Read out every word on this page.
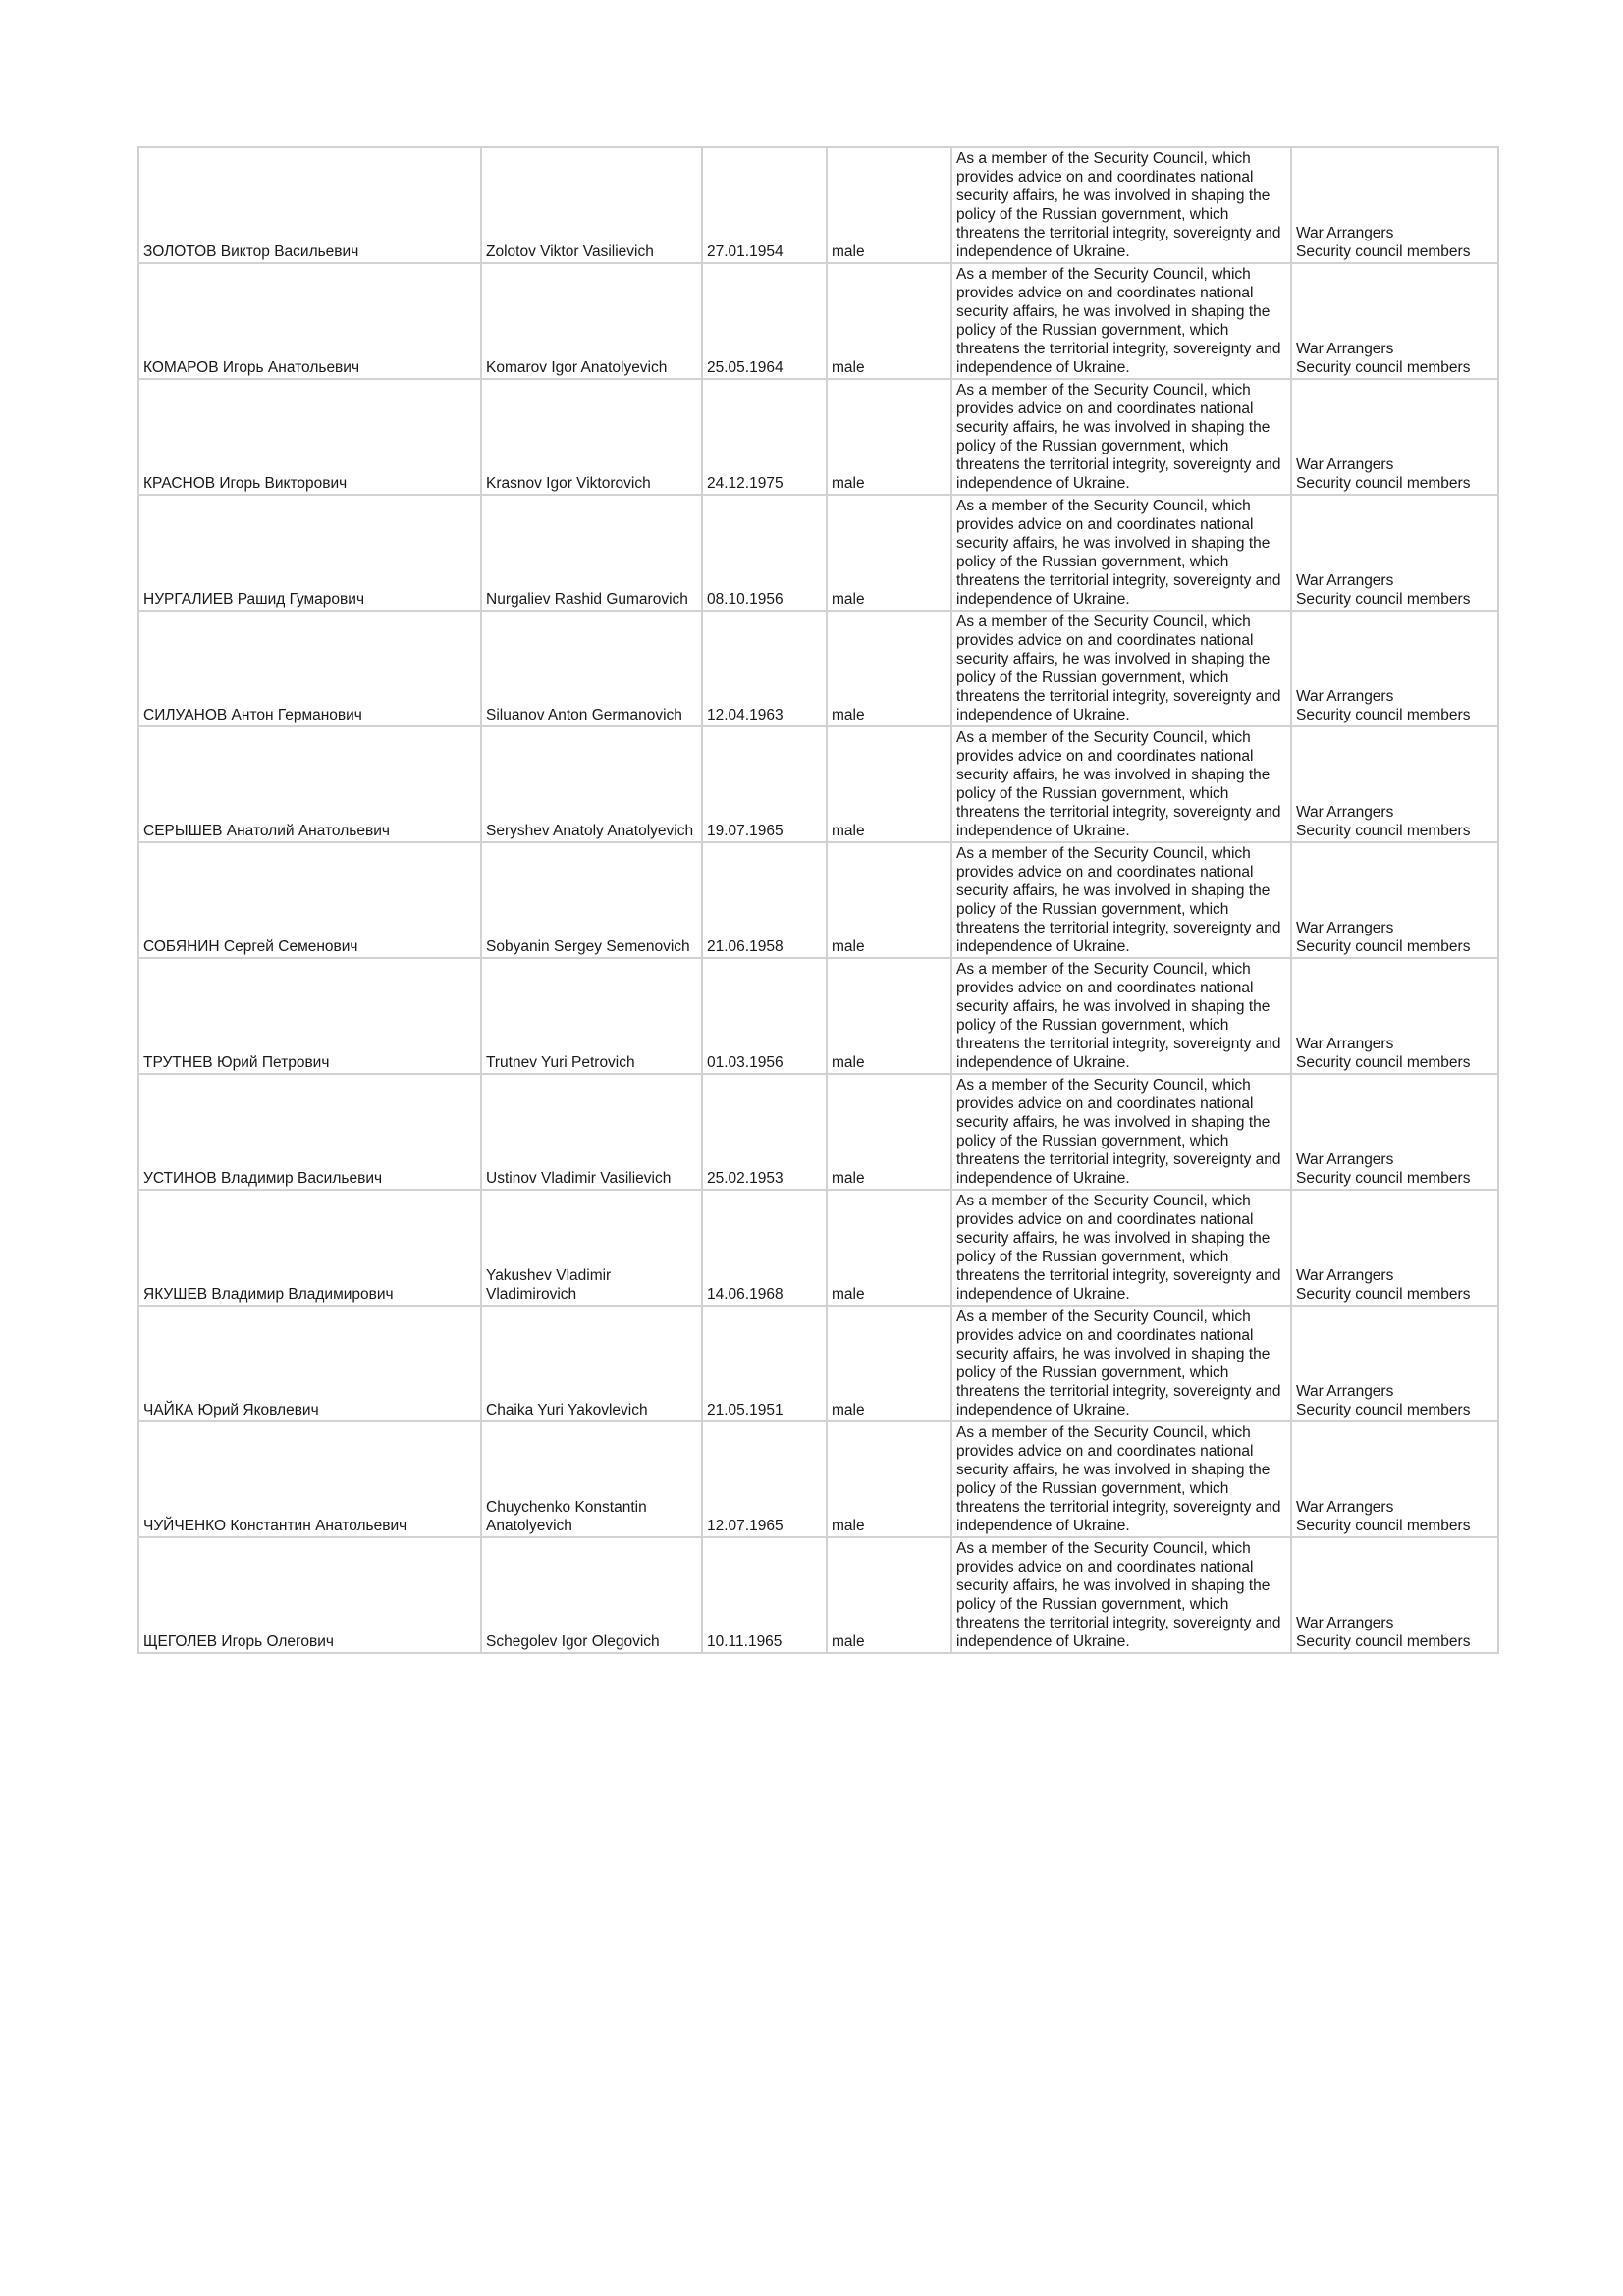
ЗОЛОТОВ Виктор Васильевич	Zolotov Viktor Vasilievich	27.01.1954	male	As a member of the Security Council, which provides advice on and coordinates national security affairs, he was involved in shaping the policy of the Russian government, which threatens the territorial integrity, sovereignty and independence of Ukraine.	War Arrangers
Security council members

КОМАРОВ Игорь Анатольевич	Komarov Igor Anatolyevich	25.05.1964	male	As a member of the Security Council, which provides advice on and coordinates national security affairs, he was involved in shaping the policy of the Russian government, which threatens the territorial integrity, sovereignty and independence of Ukraine.	War Arrangers
Security council members

КРАСНОВ Игорь Викторович	Krasnov Igor Viktorovich	24.12.1975	male	As a member of the Security Council, which provides advice on and coordinates national security affairs, he was involved in shaping the policy of the Russian government, which threatens the territorial integrity, sovereignty and independence of Ukraine.	War Arrangers
Security council members

НУРГАЛИЕВ Рашид Гумарович	Nurgaliev Rashid Gumarovich	08.10.1956	male	As a member of the Security Council, which provides advice on and coordinates national security affairs, he was involved in shaping the policy of the Russian government, which threatens the territorial integrity, sovereignty and independence of Ukraine.	War Arrangers
Security council members

СИЛУАНОВ Антон Германович	Siluanov Anton Germanovich	12.04.1963	male	As a member of the Security Council, which provides advice on and coordinates national security affairs, he was involved in shaping the policy of the Russian government, which threatens the territorial integrity, sovereignty and independence of Ukraine.	War Arrangers
Security council members

СЕРЫШЕВ Анатолий Анатольевич	Seryshev Anatoly Anatolyevich	19.07.1965	male	As a member of the Security Council, which provides advice on and coordinates national security affairs, he was involved in shaping the policy of the Russian government, which threatens the territorial integrity, sovereignty and independence of Ukraine.	War Arrangers
Security council members

СОБЯНИН Сергей Семенович	Sobyanin Sergey Semenovich	21.06.1958	male	As a member of the Security Council, which provides advice on and coordinates national security affairs, he was involved in shaping the policy of the Russian government, which threatens the territorial integrity, sovereignty and independence of Ukraine.	War Arrangers
Security council members

ТРУТНЕВ Юрий Петрович	Trutnev Yuri Petrovich	01.03.1956	male	As a member of the Security Council, which provides advice on and coordinates national security affairs, he was involved in shaping the policy of the Russian government, which threatens the territorial integrity, sovereignty and independence of Ukraine.	War Arrangers
Security council members

УСТИНОВ Владимир Васильевич	Ustinov Vladimir Vasilievich	25.02.1953	male	As a member of the Security Council, which provides advice on and coordinates national security affairs, he was involved in shaping the policy of the Russian government, which threatens the territorial integrity, sovereignty and independence of Ukraine.	War Arrangers
Security council members

ЯКУШЕВ Владимир Владимирович	Yakushev Vladimir Vladimirovich	14.06.1968	male	As a member of the Security Council, which provides advice on and coordinates national security affairs, he was involved in shaping the policy of the Russian government, which threatens the territorial integrity, sovereignty and independence of Ukraine.	War Arrangers
Security council members

ЧАЙКА Юрий Яковлевич	Chaika Yuri Yakovlevich	21.05.1951	male	As a member of the Security Council, which provides advice on and coordinates national security affairs, he was involved in shaping the policy of the Russian government, which threatens the territorial integrity, sovereignty and independence of Ukraine.	War Arrangers
Security council members

ЧУЙЧЕНКО Константин Анатольевич	Chuychenko Konstantin Anatolyevich	12.07.1965	male	As a member of the Security Council, which provides advice on and coordinates national security affairs, he was involved in shaping the policy of the Russian government, which threatens the territorial integrity, sovereignty and independence of Ukraine.	War Arrangers
Security council members

ЩЕГОЛЕВ Игорь Олегович	Schegolev Igor Olegovich	10.11.1965	male	As a member of the Security Council, which provides advice on and coordinates national security affairs, he was involved in shaping the policy of the Russian government, which threatens the territorial integrity, sovereignty and independence of Ukraine.	War Arrangers
Security council members
